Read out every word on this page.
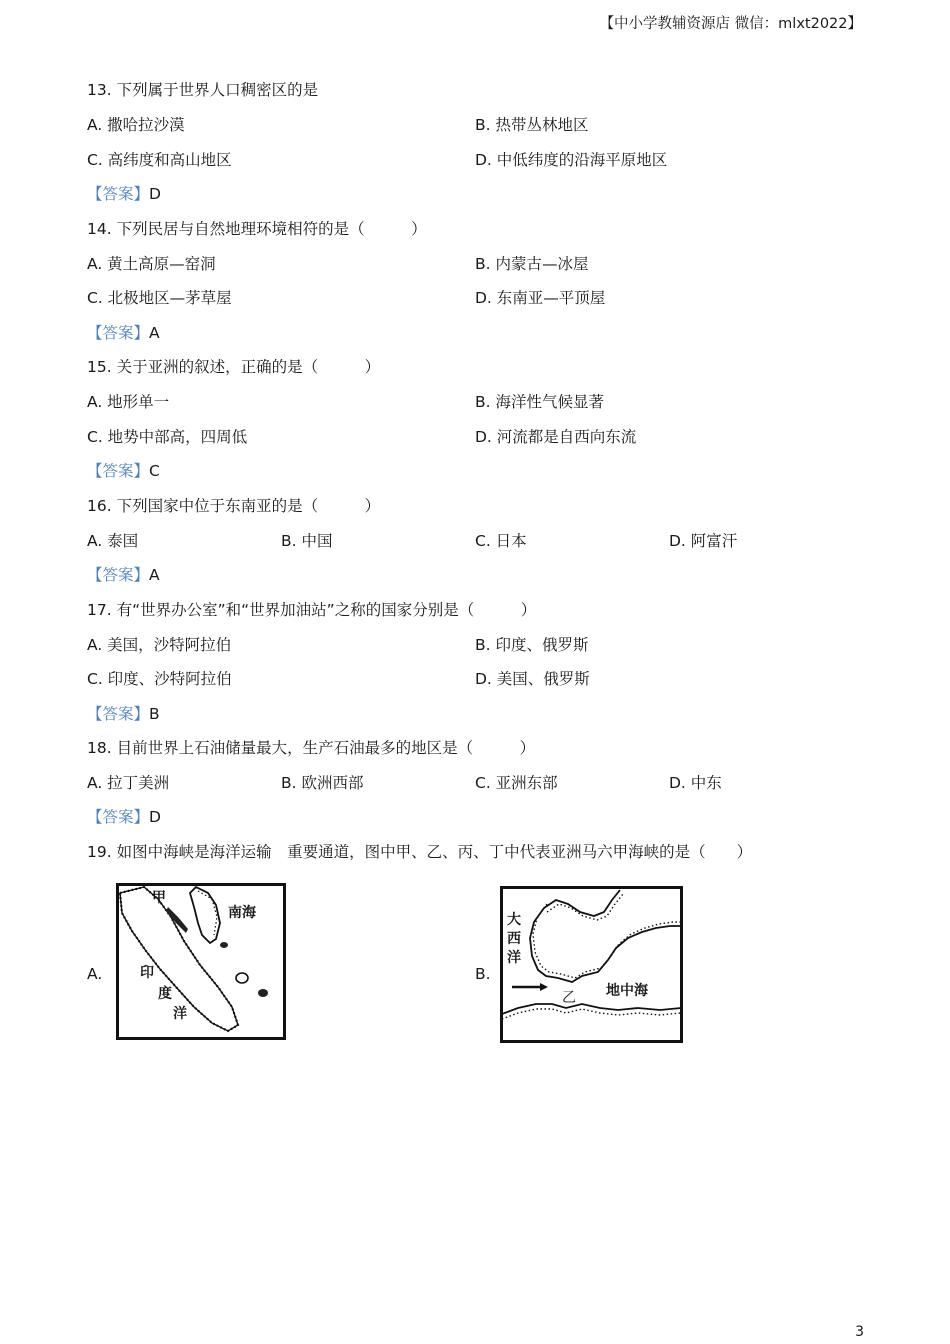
【中小学教辅资源店 微信：mlxt2022】
13. 下列属于世界人口稠密区的是
A. 撒哈拉沙漠	B. 热带丛林地区
C. 高纬度和高山地区	D. 中低纬度的沿海平原地区
【答案】D
14. 下列民居与自然地理环境相符的是（　　　）
A. 黄土高原—窑洞	B. 内蒙古—冰屋
C. 北极地区—茅草屋	D. 东南亚—平顶屋
【答案】A
15. 关于亚洲的叙述，正确的是（　　　）
A. 地形单一	B. 海洋性气候显著
C. 地势中部高，四周低	D. 河流都是自西向东流
【答案】C
16. 下列国家中位于东南亚的是（　　　）
A. 泰国	B. 中国	C. 日本	D. 阿富汗
【答案】A
17. 有“世界办公室”和“世界加油站”之称的国家分别是（　　　）
A. 美国，沙特阿拉伯	B. 印度、俄罗斯
C. 印度、沙特阿拉伯	D. 美国、俄罗斯
【答案】B
18. 目前世界上石油储量最大，生产石油最多的地区是（　　　）
A. 拉丁美洲	B. 欧洲西部	C. 亚洲东部	D. 中东
【答案】D
19. 如图中海峡是海洋运输　重要通道，图中甲、乙、丙、丁中代表亚洲马六甲海峡的是（　　）
A.	B.
甲
南海
印
度
洋
大
西
洋
地中海
乙
3
